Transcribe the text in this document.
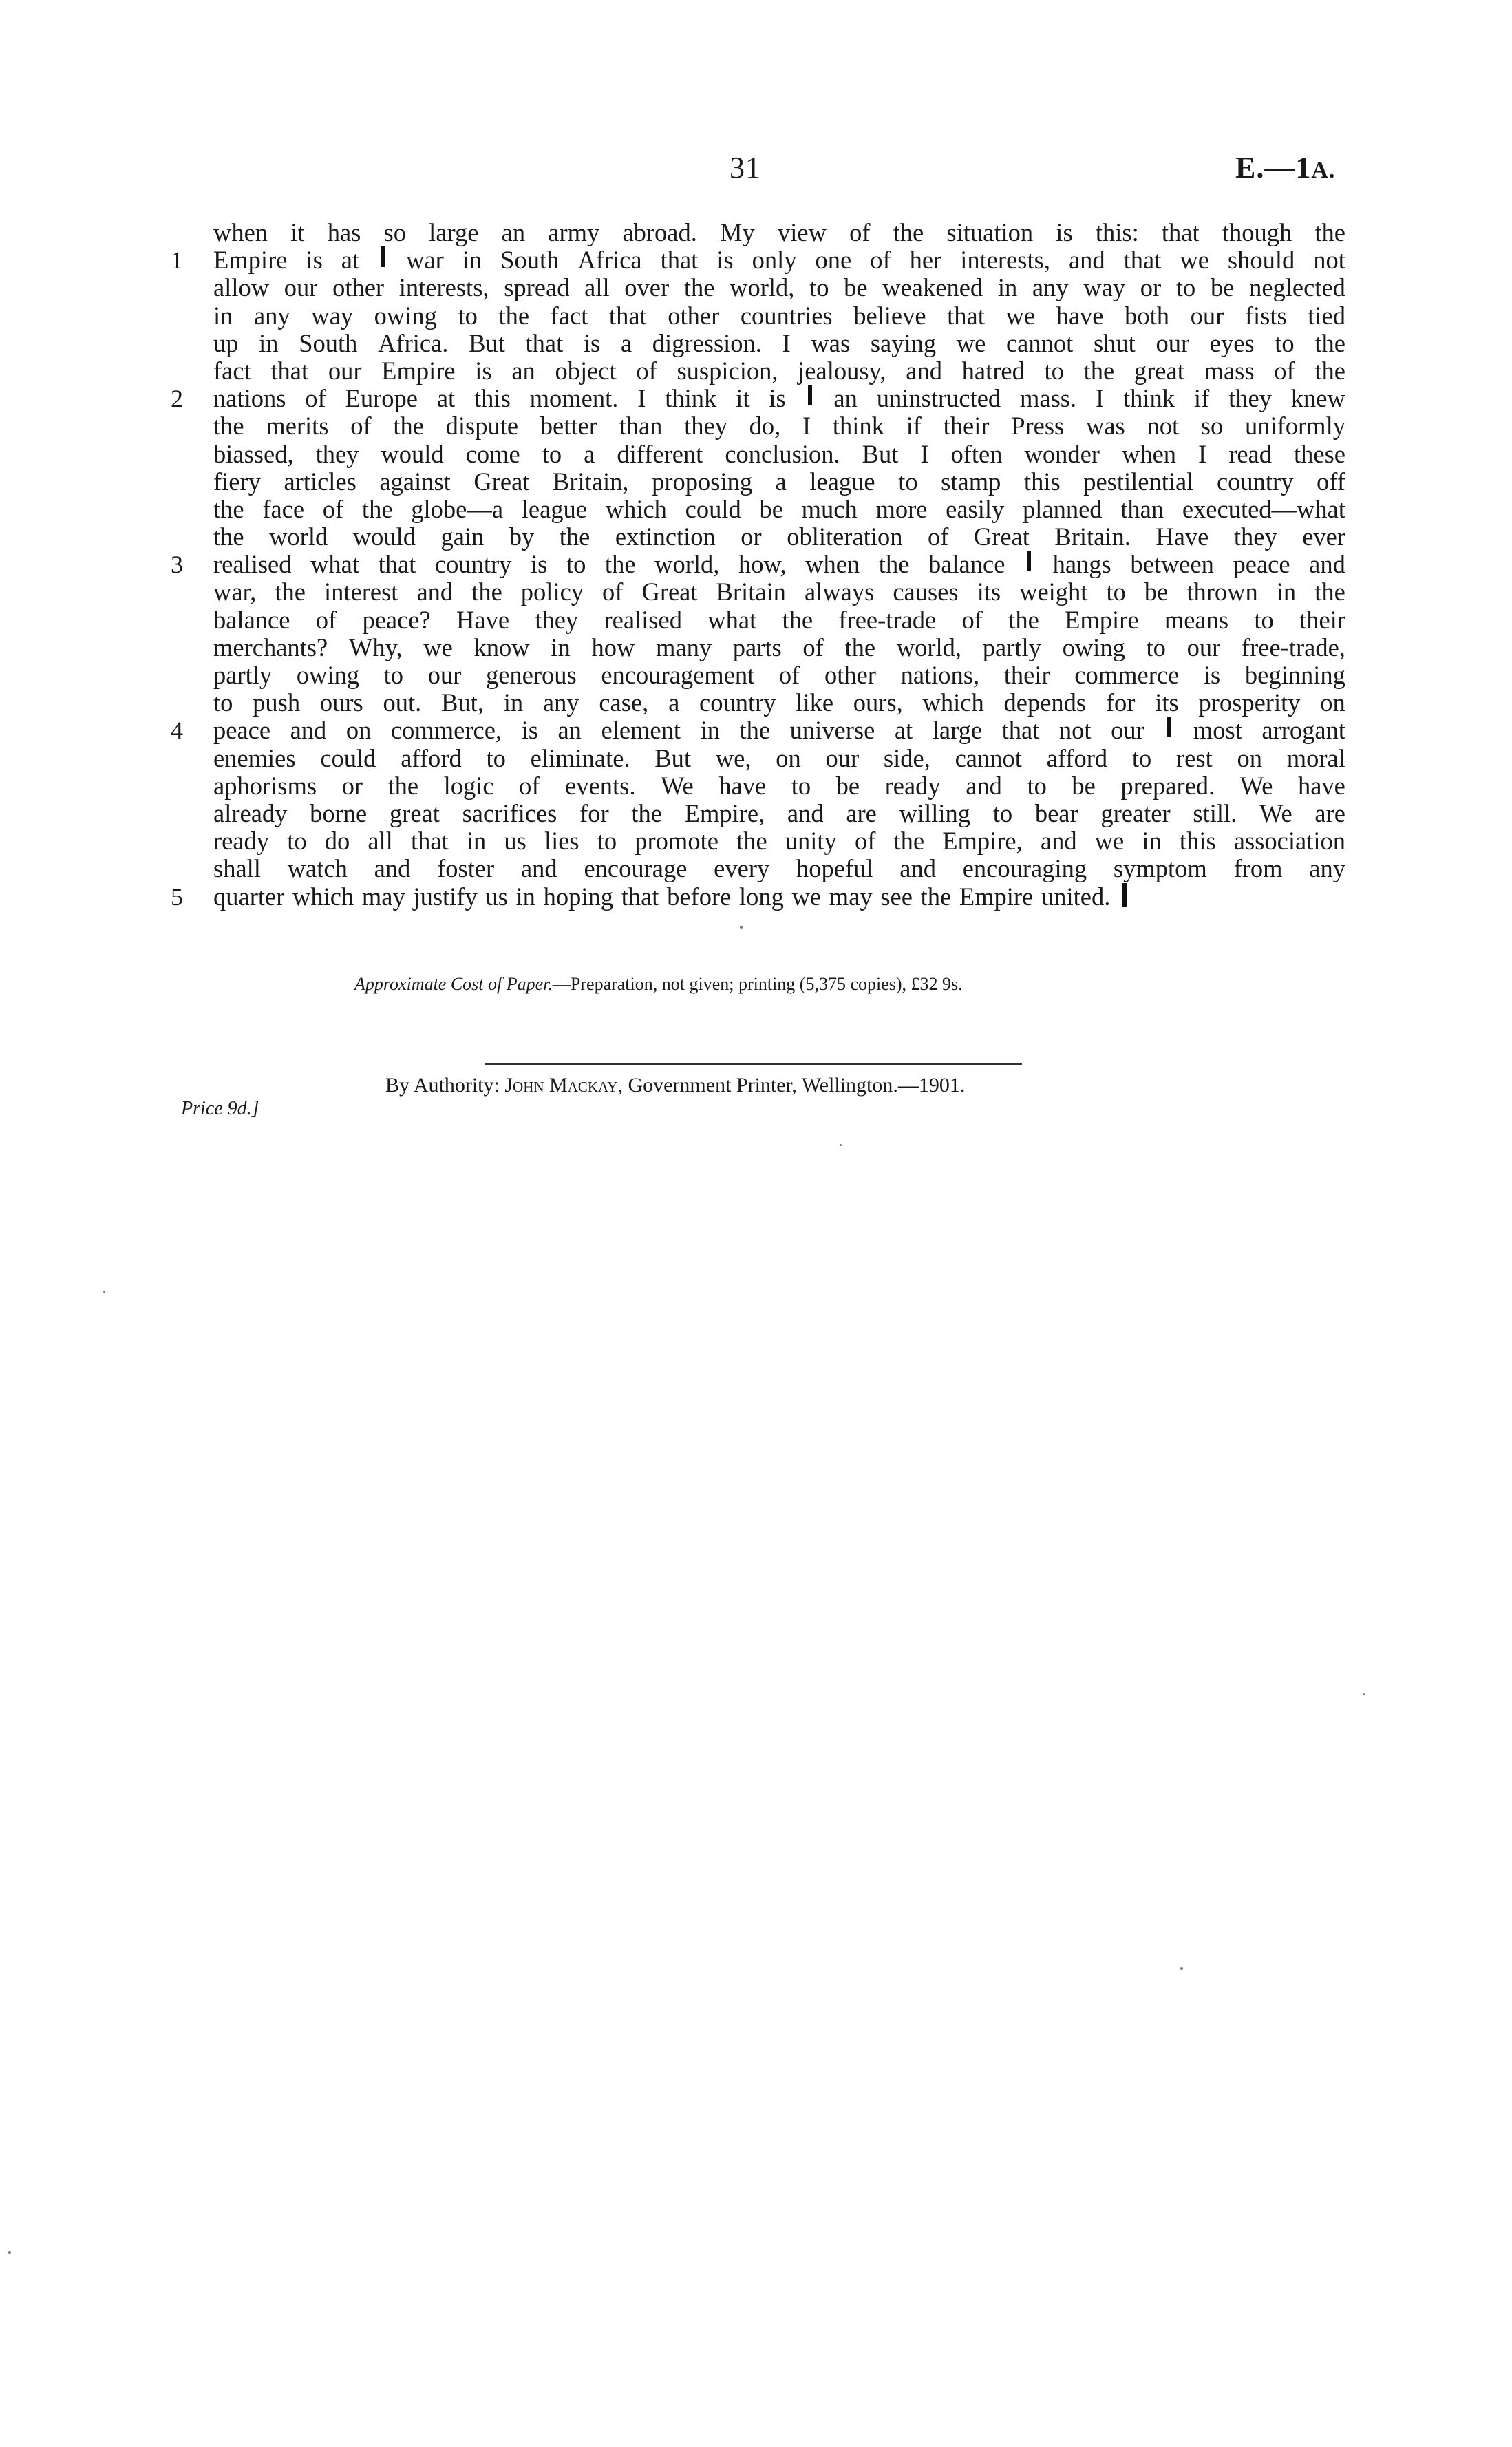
31	E.—1A.
when it has so large an army abroad. My view of the situation is this: that though the
1 Empire is at war in South Africa that is only one of her interests, and that we should not
allow our other interests, spread all over the world, to be weakened in any way or to be neglected
in any way owing to the fact that other countries believe that we have both our fists tied
up in South Africa. But that is a digression. I was saying we cannot shut our eyes to the
fact that our Empire is an object of suspicion, jealousy, and hatred to the great mass of the
2 nations of Europe at this moment. I think it is an uninstructed mass. I think if they knew
the merits of the dispute better than they do, I think if their Press was not so uniformly
biassed, they would come to a different conclusion. But I often wonder when I read these
fiery articles against Great Britain, proposing a league to stamp this pestilential country off
the face of the globe—a league which could be much more easily planned than executed—what
the world would gain by the extinction or obliteration of Great Britain. Have they ever
3 realised what that country is to the world, how, when the balance hangs between peace and
war, the interest and the policy of Great Britain always causes its weight to be thrown in the
balance of peace? Have they realised what the free-trade of the Empire means to their
merchants? Why, we know in how many parts of the world, partly owing to our free-trade,
partly owing to our generous encouragement of other nations, their commerce is beginning
to push ours out. But, in any case, a country like ours, which depends for its prosperity on
4 peace and on commerce, is an element in the universe at large that not our most arrogant
enemies could afford to eliminate. But we, on our side, cannot afford to rest on moral
aphorisms or the logic of events. We have to be ready and to be prepared. We have
already borne great sacrifices for the Empire, and are willing to bear greater still. We are
ready to do all that in us lies to promote the unity of the Empire, and we in this association
shall watch and foster and encourage every hopeful and encouraging symptom from any
5 quarter which may justify us in hoping that before long we may see the Empire united.
Approximate Cost of Paper.—Preparation, not given; printing (5,375 copies), £32 9s.
By Authority: John Mackay, Government Printer, Wellington.—1901.
Price 9d.]
